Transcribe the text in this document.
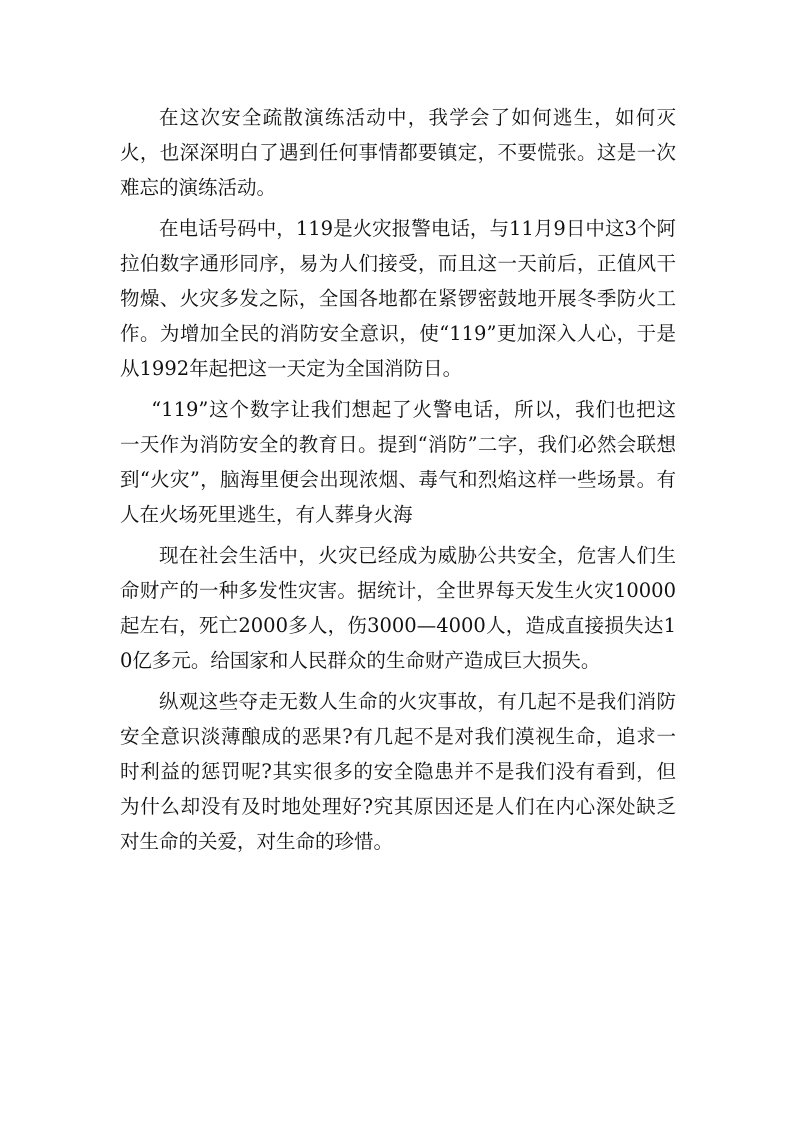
在这次安全疏散演练活动中，我学会了如何逃生，如何灭火，也深深明白了遇到任何事情都要镇定，不要慌张。这是一次难忘的演练活动。

在电话号码中，119是火灾报警电话，与11月9日中这3个阿拉伯数字通形同序，易为人们接受，而且这一天前后，正值风干物燥、火灾多发之际，全国各地都在紧锣密鼓地开展冬季防火工作。为增加全民的消防安全意识，使“119”更加深入人心，于是从1992年起把这一天定为全国消防日。

“119”这个数字让我们想起了火警电话，所以，我们也把这一天作为消防安全的教育日。提到“消防”二字，我们必然会联想到“火灾”，脑海里便会出现浓烟、毒气和烈焰这样一些场景。有人在火场死里逃生，有人葬身火海

现在社会生活中，火灾已经成为威胁公共安全，危害人们生命财产的一种多发性灾害。据统计，全世界每天发生火灾10000起左右，死亡2000多人，伤3000—4000人，造成直接损失达10亿多元。给国家和人民群众的生命财产造成巨大损失。

纵观这些夺走无数人生命的火灾事故，有几起不是我们消防安全意识淡薄酿成的恶果?有几起不是对我们漠视生命，追求一时利益的惩罚呢?其实很多的安全隐患并不是我们没有看到，但为什么却没有及时地处理好?究其原因还是人们在内心深处缺乏对生命的关爱，对生命的珍惜。
